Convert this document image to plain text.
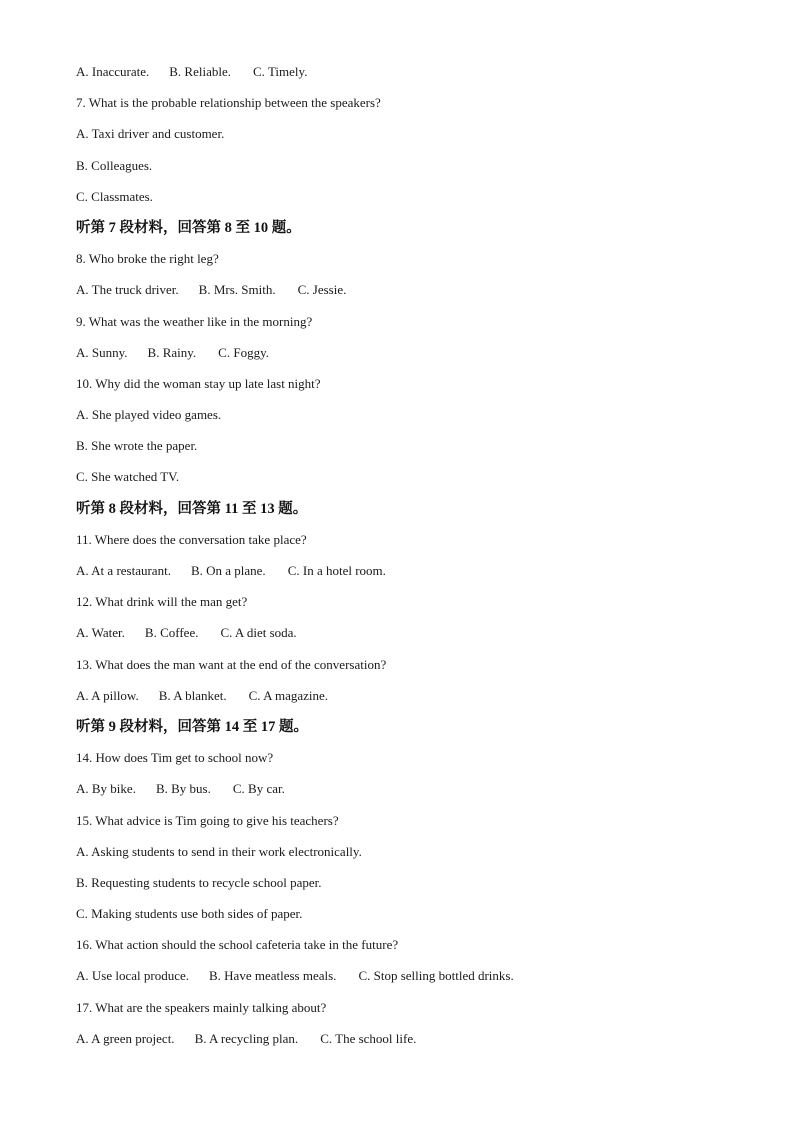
A. Inaccurate. B. Reliable. C. Timely.
7. What is the probable relationship between the speakers?
A. Taxi driver and customer.
B. Colleagues.
C. Classmates.
听第 7 段材料，回答第 8 至 10 题。
8. Who broke the right leg?
A. The truck driver. B. Mrs. Smith. C. Jessie.
9. What was the weather like in the morning?
A. Sunny. B. Rainy. C. Foggy.
10. Why did the woman stay up late last night?
A. She played video games.
B. She wrote the paper.
C. She watched TV.
听第 8 段材料，回答第 11 至 13 题。
11. Where does the conversation take place?
A. At a restaurant. B. On a plane. C. In a hotel room.
12. What drink will the man get?
A. Water. B. Coffee. C. A diet soda.
13. What does the man want at the end of the conversation?
A. A pillow. B. A blanket. C. A magazine.
听第 9 段材料，回答第 14 至 17 题。
14. How does Tim get to school now?
A. By bike. B. By bus. C. By car.
15. What advice is Tim going to give his teachers?
A. Asking students to send in their work electronically.
B. Requesting students to recycle school paper.
C. Making students use both sides of paper.
16. What action should the school cafeteria take in the future?
A. Use local produce. B. Have meatless meals. C. Stop selling bottled drinks.
17. What are the speakers mainly talking about?
A. A green project. B. A recycling plan. C. The school life.
